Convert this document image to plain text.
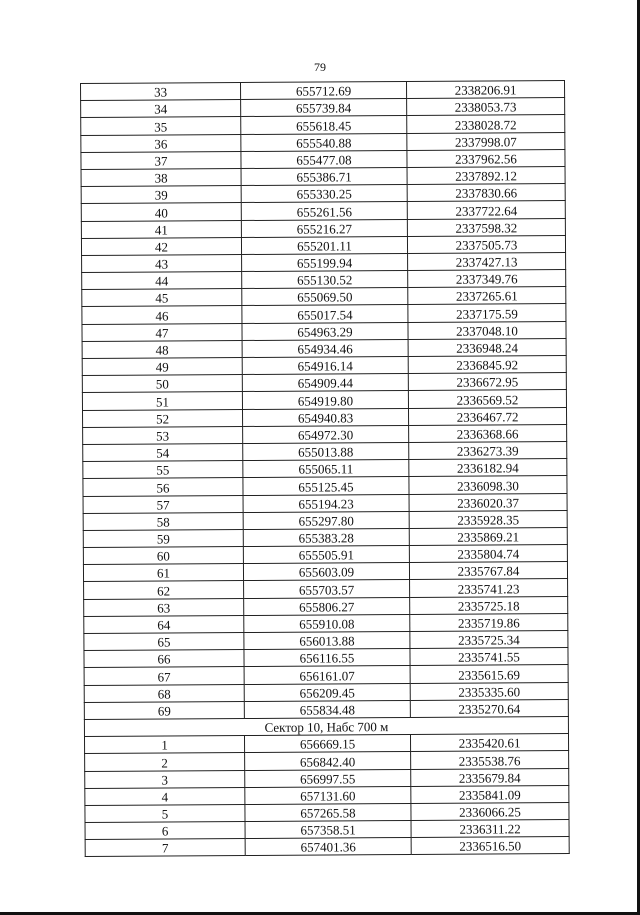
79
33	655712.69	2338206.91
34	655739.84	2338053.73
35	655618.45	2338028.72
36	655540.88	2337998.07
37	655477.08	2337962.56
38	655386.71	2337892.12
39	655330.25	2337830.66
40	655261.56	2337722.64
41	655216.27	2337598.32
42	655201.11	2337505.73
43	655199.94	2337427.13
44	655130.52	2337349.76
45	655069.50	2337265.61
46	655017.54	2337175.59
47	654963.29	2337048.10
48	654934.46	2336948.24
49	654916.14	2336845.92
50	654909.44	2336672.95
51	654919.80	2336569.52
52	654940.83	2336467.72
53	654972.30	2336368.66
54	655013.88	2336273.39
55	655065.11	2336182.94
56	655125.45	2336098.30
57	655194.23	2336020.37
58	655297.80	2335928.35
59	655383.28	2335869.21
60	655505.91	2335804.74
61	655603.09	2335767.84
62	655703.57	2335741.23
63	655806.27	2335725.18
64	655910.08	2335719.86
65	656013.88	2335725.34
66	656116.55	2335741.55
67	656161.07	2335615.69
68	656209.45	2335335.60
69	655834.48	2335270.64
Сектор 10, Набс 700 м		
1	656669.15	2335420.61
2	656842.40	2335538.76
3	656997.55	2335679.84
4	657131.60	2335841.09
5	657265.58	2336066.25
6	657358.51	2336311.22
7	657401.36	2336516.50
